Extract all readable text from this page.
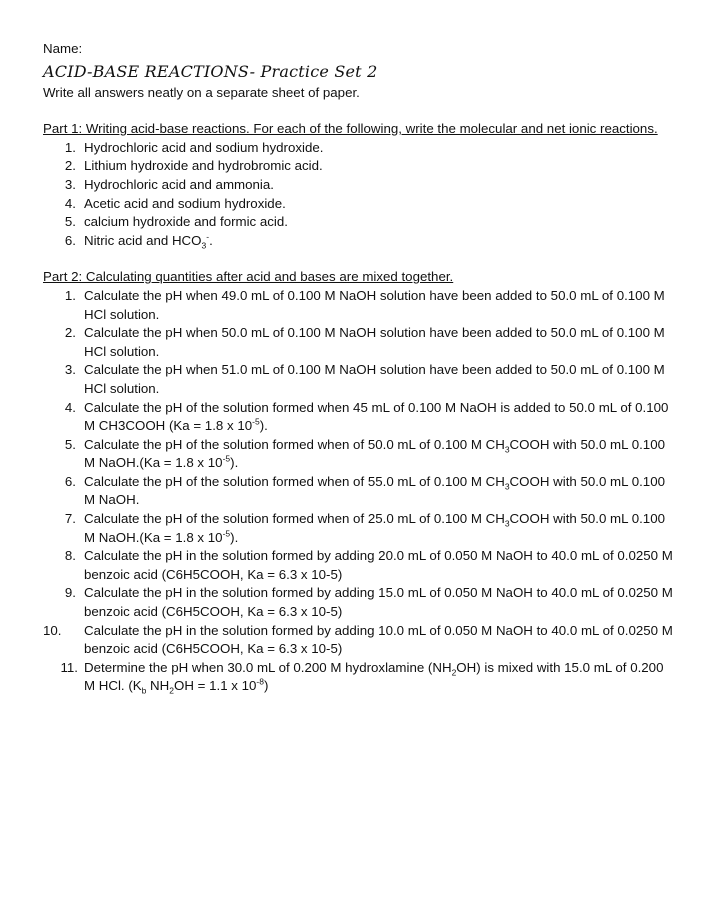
Name:
ACID-BASE REACTIONS- Practice Set 2
Write all answers neatly on a separate sheet of paper.
Part 1: Writing acid-base reactions. For each of the following, write the molecular and net ionic reactions.
1. Hydrochloric acid and sodium hydroxide.
2. Lithium hydroxide and hydrobromic acid.
3. Hydrochloric acid and ammonia.
4. Acetic acid and sodium hydroxide.
5. calcium hydroxide and formic acid.
6. Nitric acid and $HCO_3^-$.
Part 2: Calculating quantities after acid and bases are mixed together.
1. Calculate the pH when 49.0 mL of 0.100 M NaOH solution have been added to 50.0 mL of 0.100 M HCl solution.
2. Calculate the pH when 50.0 mL of 0.100 M NaOH solution have been added to 50.0 mL of 0.100 M HCl solution.
3. Calculate the pH when 51.0 mL of 0.100 M NaOH solution have been added to 50.0 mL of 0.100 M HCl solution.
4. Calculate the pH of the solution formed when 45 mL of 0.100 M NaOH is added to 50.0 mL of 0.100 M CH3COOH (Ka = 1.8 x $10^{-5}$).
5. Calculate the pH of the solution formed when of 50.0 mL of 0.100 M $CH_3COOH$ with 50.0 mL 0.100 M NaOH.(Ka = 1.8 x $10^{-5}$).
6. Calculate the pH of the solution formed when of 55.0 mL of 0.100 M $CH_3COOH$ with 50.0 mL 0.100 M NaOH.
7. Calculate the pH of the solution formed when of 25.0 mL of 0.100 M $CH_3COOH$ with 50.0 mL 0.100 M NaOH.(Ka = 1.8 x $10^{-5}$).
8. Calculate the pH in the solution formed by adding 20.0 mL of 0.050 M NaOH to 40.0 mL of 0.0250 M benzoic acid (C6H5COOH, Ka = 6.3 x 10-5)
9. Calculate the pH in the solution formed by adding 15.0 mL of 0.050 M NaOH to 40.0 mL of 0.0250 M benzoic acid (C6H5COOH, Ka = 6.3 x 10-5)
10.	Calculate the pH in the solution formed by adding 10.0 mL of 0.050 M NaOH to 40.0 mL of 0.0250 M benzoic acid (C6H5COOH, Ka = 6.3 x 10-5)
11. Determine the pH when 30.0 mL of 0.200 M hydroxlamine $(NH_2OH)$ is mixed with 15.0 mL of 0.200 M HCl. ($K_b$ $NH_2OH = 1.1$ x $10^{-8}$)
